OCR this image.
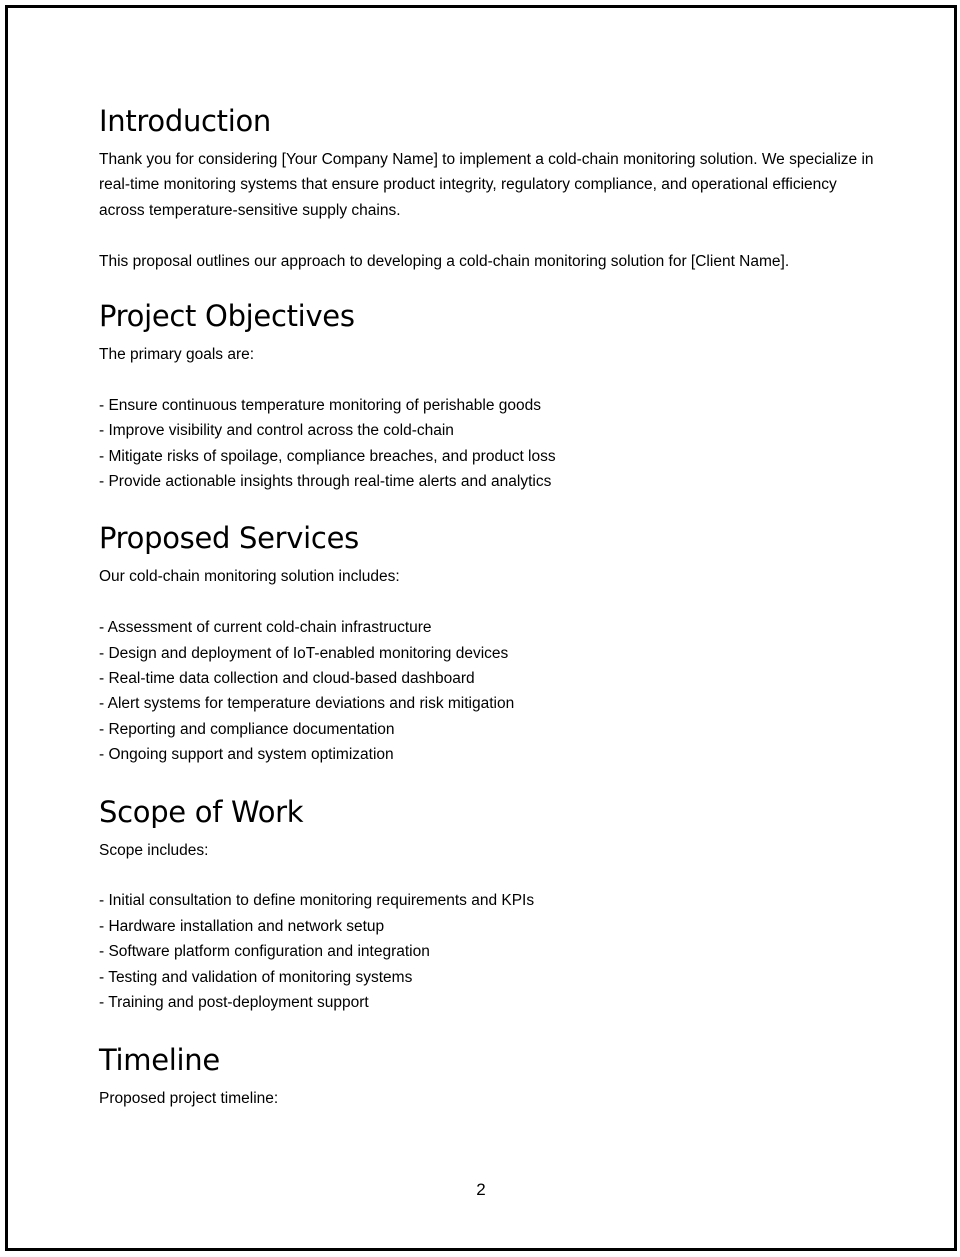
Introduction

Thank you for considering [Your Company Name] to implement a cold-chain monitoring solution. We specialize in real-time monitoring systems that ensure product integrity, regulatory compliance, and operational efficiency across temperature-sensitive supply chains.

This proposal outlines our approach to developing a cold-chain monitoring solution for [Client Name].

Project Objectives

The primary goals are:

- Ensure continuous temperature monitoring of perishable goods
- Improve visibility and control across the cold-chain
- Mitigate risks of spoilage, compliance breaches, and product loss
- Provide actionable insights through real-time alerts and analytics
Proposed Services

Our cold-chain monitoring solution includes:

- Assessment of current cold-chain infrastructure
- Design and deployment of IoT-enabled monitoring devices
- Real-time data collection and cloud-based dashboard
- Alert systems for temperature deviations and risk mitigation
- Reporting and compliance documentation
- Ongoing support and system optimization
Scope of Work

Scope includes:

- Initial consultation to define monitoring requirements and KPIs
- Hardware installation and network setup
- Software platform configuration and integration
- Testing and validation of monitoring systems
- Training and post-deployment support
Timeline

Proposed project timeline:

2
